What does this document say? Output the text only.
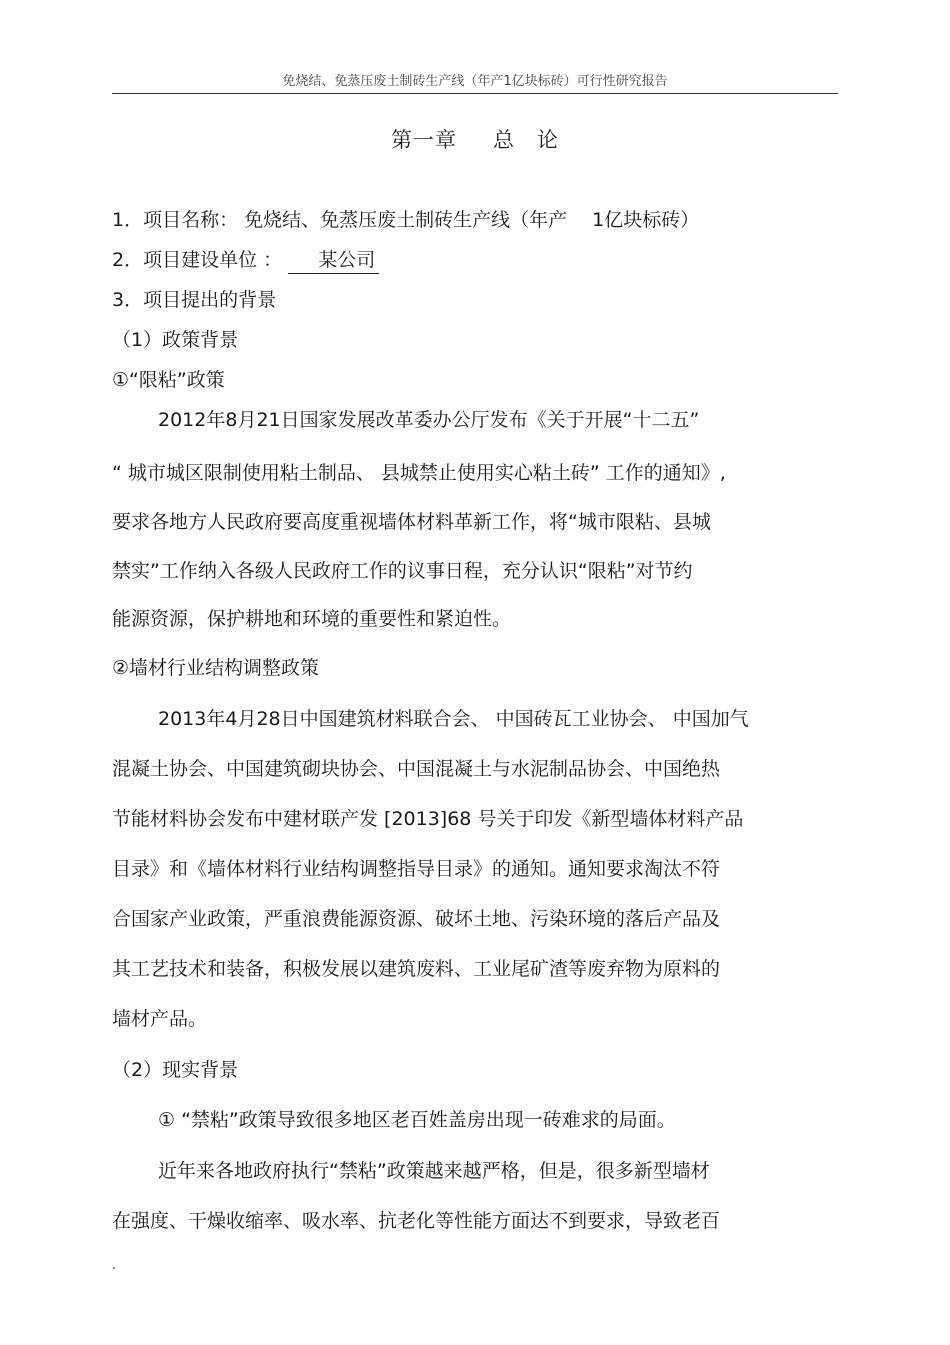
免烧结、免蒸压废土制砖生产线（年产1亿块标砖）可行性研究报告
第一章 总　论
1．项目名称： 免烧结、免蒸压废土制砖生产线（年产　 1亿块标砖）
2．项目建设单位 ： 某公司
3．项目提出的背景
（1）政策背景
①“限粘”政策
2012年8月21日国家发展改革委办公厅发布《关于开展“十二五”
“ 城市城区限制使用粘土制品、 县城禁止使用实心粘土砖” 工作的通知》,
要求各地方人民政府要高度重视墙体材料革新工作，将“城市限粘、县城
禁实”工作纳入各级人民政府工作的议事日程，充分认识“限粘”对节约
能源资源，保护耕地和环境的重要性和紧迫性。
②墙材行业结构调整政策
2013年4月28日中国建筑材料联合会、 中国砖瓦工业协会、 中国加气
混凝土协会、中国建筑砌块协会、中国混凝土与水泥制品协会、中国绝热
节能材料协会发布中建材联产发 [2013]68 号关于印发《新型墙体材料产品
目录》和《墙体材料行业结构调整指导目录》的通知。通知要求淘汰不符
合国家产业政策，严重浪费能源资源、破坏土地、污染环境的落后产品及
其工艺技术和装备，积极发展以建筑废料、工业尾矿渣等废弃物为原料的
墙材产品。
（2）现实背景
① “禁粘”政策导致很多地区老百姓盖房出现一砖难求的局面。
近年来各地政府执行“禁粘”政策越来越严格，但是，很多新型墙材
在强度、干燥收缩率、吸水率、抗老化等性能方面达不到要求，导致老百
.
